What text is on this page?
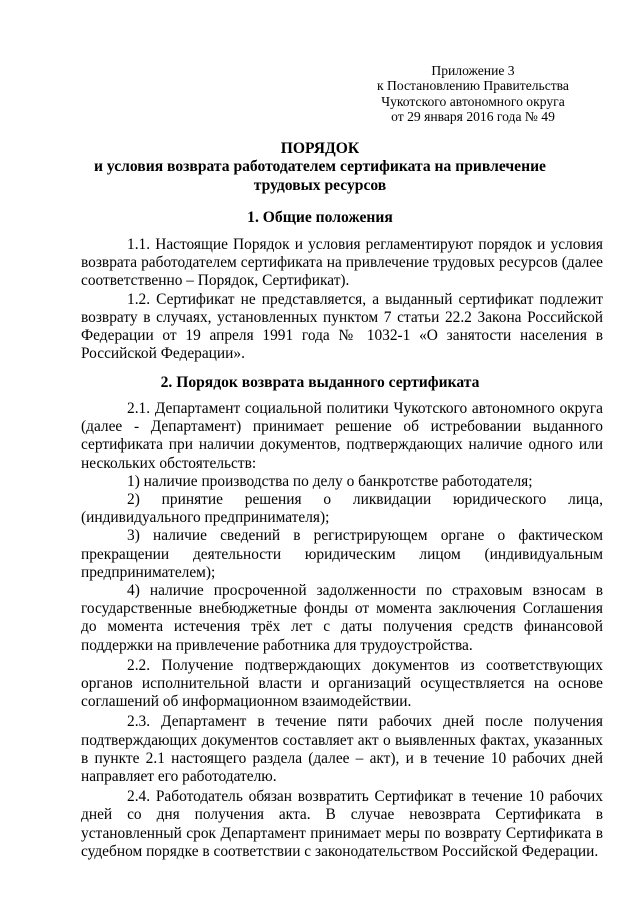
Приложение 3
к Постановлению Правительства
Чукотского автономного округа
от 29 января 2016 года № 49
ПОРЯДОК
и условия возврата работодателем сертификата на привлечение трудовых ресурсов
1. Общие положения

1.1. Настоящие Порядок и условия регламентируют порядок и условия возврата работодателем сертификата на привлечение трудовых ресурсов (далее соответственно – Порядок, Сертификат).

1.2. Сертификат не представляется, а выданный сертификат подлежит возврату в случаях, установленных пунктом 7 статьи 22.2 Закона Российской Федерации от 19 апреля 1991 года № 1032-1 «О занятости населения в Российской Федерации».

2. Порядок возврата выданного сертификата

2.1. Департамент социальной политики Чукотского автономного округа (далее - Департамент) принимает решение об истребовании выданного сертификата при наличии документов, подтверждающих наличие одного или нескольких обстоятельств:

1) наличие производства по делу о банкротстве работодателя;

2) принятие решения о ликвидации юридического лица, (индивидуального предпринимателя);

3) наличие сведений в регистрирующем органе о фактическом прекращении деятельности юридическим лицом (индивидуальным предпринимателем);

4) наличие просроченной задолженности по страховым взносам в государственные внебюджетные фонды от момента заключения Соглашения до момента истечения трёх лет с даты получения средств финансовой поддержки на привлечение работника для трудоустройства.

2.2. Получение подтверждающих документов из соответствующих органов исполнительной власти и организаций осуществляется на основе соглашений об информационном взаимодействии.

2.3. Департамент в течение пяти рабочих дней после получения подтверждающих документов составляет акт о выявленных фактах, указанных в пункте 2.1 настоящего раздела (далее – акт), и в течение 10 рабочих дней направляет его работодателю.

2.4. Работодатель обязан возвратить Сертификат в течение 10 рабочих дней со дня получения акта. В случае невозврата Сертификата в установленный срок Департамент принимает меры по возврату Сертификата в судебном порядке в соответствии с законодательством Российской Федерации.
